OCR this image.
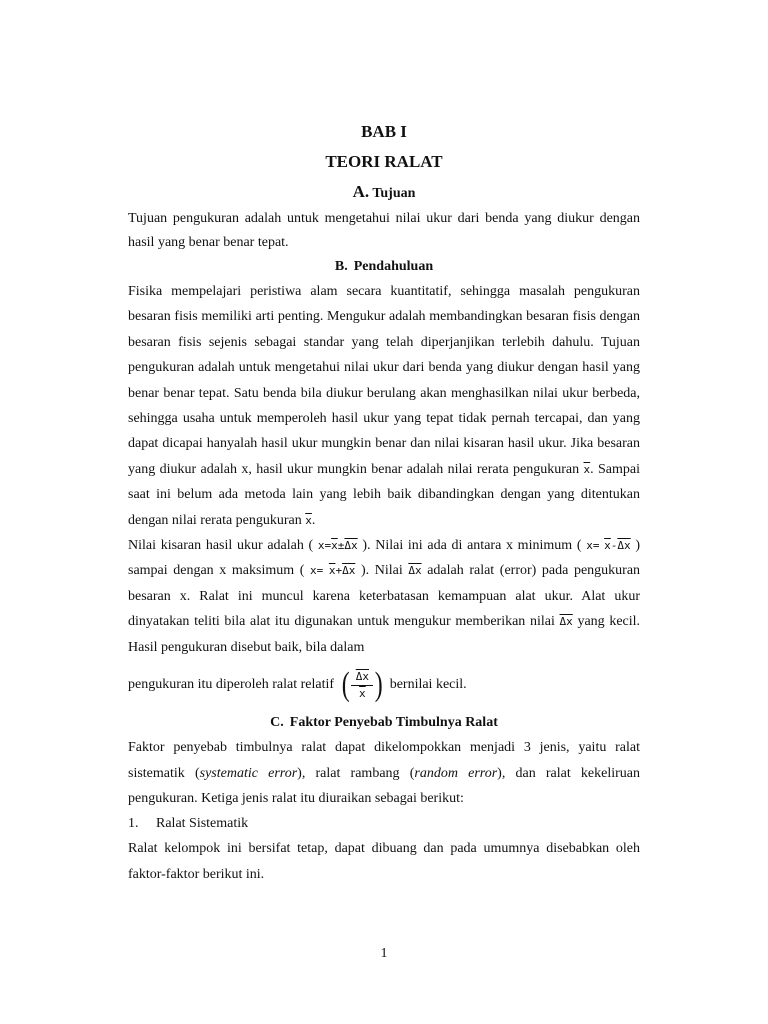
BAB I
TEORI RALAT
A. Tujuan

Tujuan pengukuran adalah untuk mengetahui nilai ukur dari benda yang diukur dengan hasil yang benar benar tepat.

B. Pendahuluan

Fisika mempelajari peristiwa alam secara kuantitatif, sehingga masalah pengukuran besaran fisis memiliki arti penting. Mengukur adalah membandingkan besaran fisis dengan besaran fisis sejenis sebagai standar yang telah diperjanjikan terlebih dahulu. Tujuan pengukuran adalah untuk mengetahui nilai ukur dari benda yang diukur dengan hasil yang benar benar tepat. Satu benda bila diukur berulang akan menghasilkan nilai ukur berbeda, sehingga usaha untuk memperoleh hasil ukur yang tepat tidak pernah tercapai, dan yang dapat dicapai hanyalah hasil ukur mungkin benar dan nilai kisaran hasil ukur. Jika besaran yang diukur adalah x, hasil ukur mungkin benar adalah nilai rerata pengukuran $\overline{x}$. Sampai saat ini belum ada metoda lain yang lebih baik dibandingkan dengan yang ditentukan dengan nilai rerata pengukuran $\overline{x}$.

Nilai kisaran hasil ukur adalah ( $x=\overline{x}\pm\overline{\Delta x}$ ). Nilai ini ada di antara x minimum ( $x= \overline{x}-\overline{\Delta x}$ ) sampai dengan x maksimum ( $x= \overline{x}+\overline{\Delta x}$ ). Nilai $\overline{\Delta x}$ adalah ralat (error) pada pengukuran besaran x. Ralat ini muncul karena keterbatasan kemampuan alat ukur. Alat ukur dinyatakan teliti bila alat itu digunakan untuk mengukur memberikan nilai $\overline{\Delta x}$ yang kecil. Hasil pengukuran disebut baik, bila dalam

pengukuran itu diperoleh ralat relatif ( $\frac{\overline{\Delta x}}{x}$ ) bernilai kecil.
C. Faktor Penyebab Timbulnya Ralat

Faktor penyebab timbulnya ralat dapat dikelompokkan menjadi 3 jenis, yaitu ralat sistematik (systematic error), ralat rambang (random error), dan ralat kekeliruan pengukuran. Ketiga jenis ralat itu diuraikan sebagai berikut:

1. Ralat Sistematik

Ralat kelompok ini bersifat tetap, dapat dibuang dan pada umumnya disebabkan oleh faktor-faktor berikut ini.

1
